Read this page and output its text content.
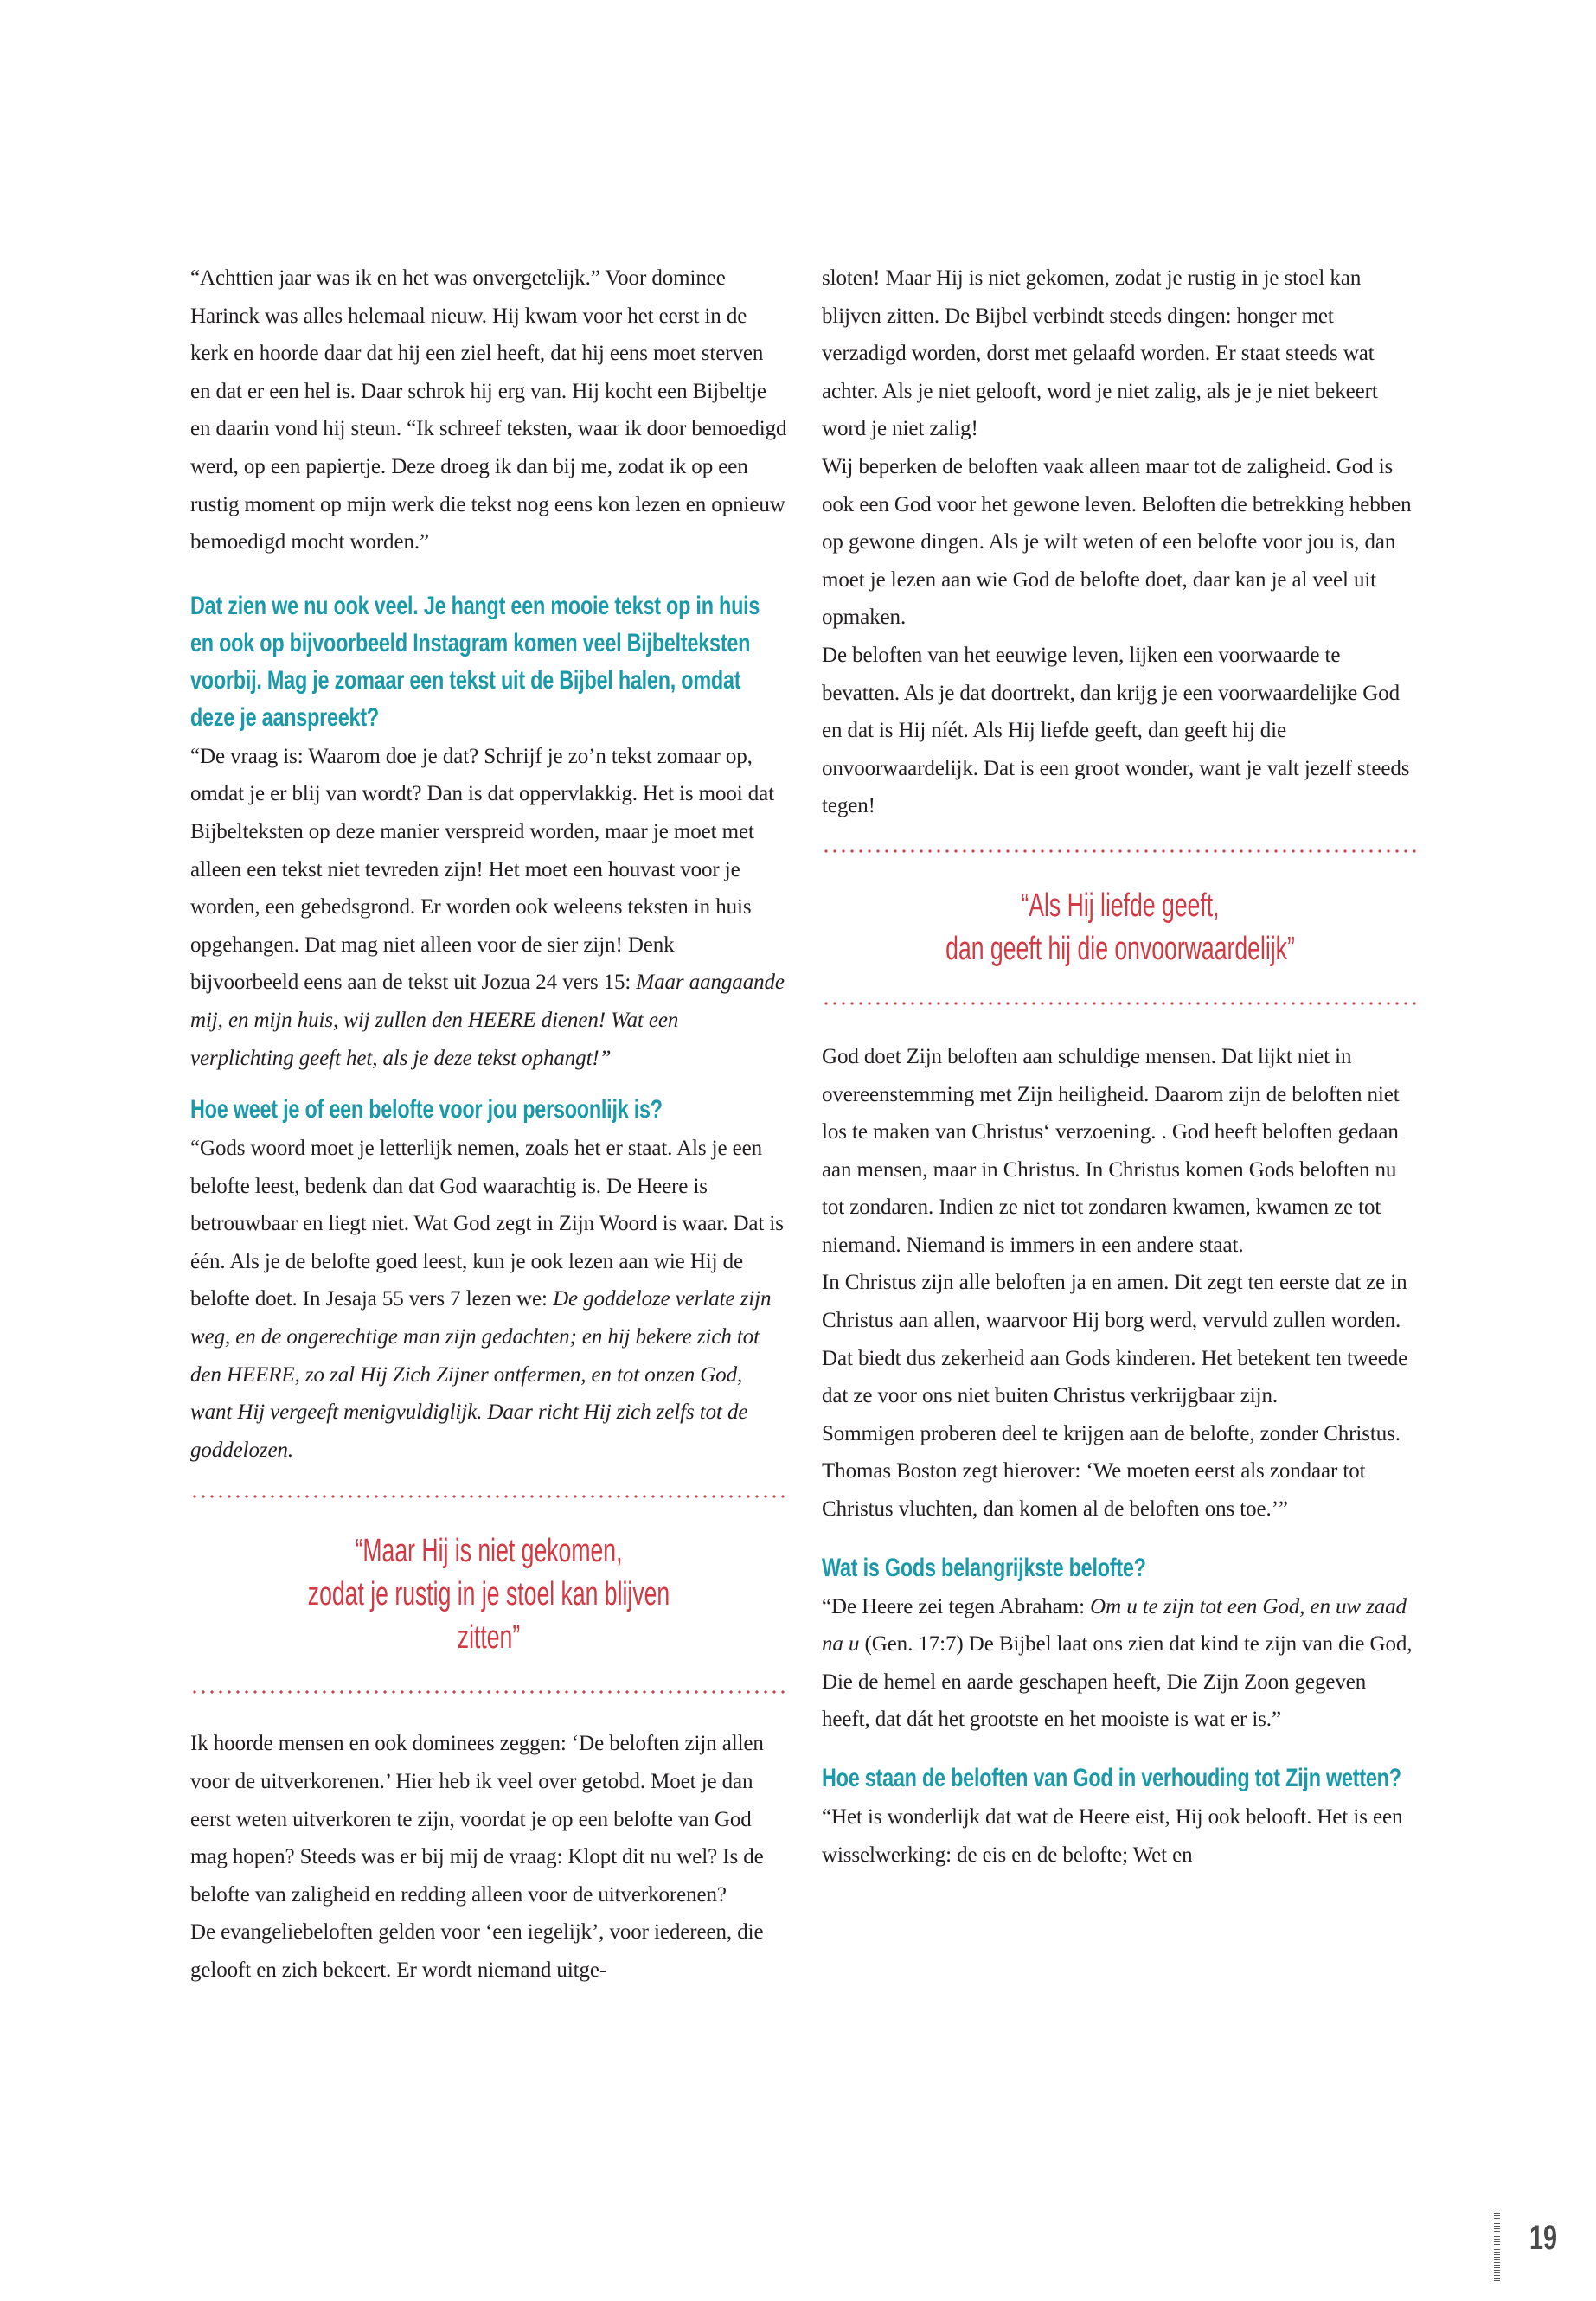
“Achttien jaar was ik en het was onvergetelijk.” Voor dominee Harinck was alles helemaal nieuw. Hij kwam voor het eerst in de kerk en hoorde daar dat hij een ziel heeft, dat hij eens moet sterven en dat er een hel is. Daar schrok hij erg van. Hij kocht een Bijbeltje en daarin vond hij steun. “Ik schreef teksten, waar ik door bemoedigd werd, op een papiertje. Deze droeg ik dan bij me, zodat ik op een rustig moment op mijn werk die tekst nog eens kon lezen en opnieuw bemoedigd mocht worden.”

Dat zien we nu ook veel. Je hangt een mooie tekst op in huis en ook op bijvoorbeeld Instagram komen veel Bijbelteksten voorbij. Mag je zomaar een tekst uit de Bijbel halen, omdat deze je aanspreekt?

“De vraag is: Waarom doe je dat? Schrijf je zo’n tekst zomaar op, omdat je er blij van wordt? Dan is dat oppervlakkig. Het is mooi dat Bijbelteksten op deze manier verspreid worden, maar je moet met alleen een tekst niet tevreden zijn! Het moet een houvast voor je worden, een gebedsgrond. Er worden ook weleens teksten in huis opgehangen. Dat mag niet alleen voor de sier zijn! Denk bijvoorbeeld eens aan de tekst uit Jozua 24 vers 15: Maar aangaande mij, en mijn huis, wij zullen den HEERE dienen! Wat een verplichting geeft het, als je deze tekst ophangt!”

Hoe weet je of een belofte voor jou persoonlijk is?

“Gods woord moet je letterlijk nemen, zoals het er staat. Als je een belofte leest, bedenk dan dat God waarachtig is. De Heere is betrouwbaar en liegt niet. Wat God zegt in Zijn Woord is waar. Dat is één. Als je de belofte goed leest, kun je ook lezen aan wie Hij de belofte doet. In Jesaja 55 vers 7 lezen we: De goddeloze verlate zijn weg, en de ongerechtige man zijn gedachten; en hij bekere zich tot den HEERE, zo zal Hij Zich Zijner ontfermen, en tot onzen God, want Hij vergeeft menigvuldiglijk. Daar richt Hij zich zelfs tot de goddelozen.

“Maar Hij is niet gekomen,

zodat je rustig in je stoel kan blijven zitten”

Ik hoorde mensen en ook dominees zeggen: ‘De beloften zijn allen voor de uitverkorenen.’ Hier heb ik veel over getobd. Moet je dan eerst weten uitverkoren te zijn, voordat je op een belofte van God mag hopen? Steeds was er bij mij de vraag: Klopt dit nu wel? Is de belofte van zaligheid en redding alleen voor de uitverkorenen?

De evangeliebeloften gelden voor ‘een iegelijk’, voor iedereen, die gelooft en zich bekeert. Er wordt niemand uitge-

sloten! Maar Hij is niet gekomen, zodat je rustig in je stoel kan blijven zitten. De Bijbel verbindt steeds dingen: honger met verzadigd worden, dorst met gelaafd worden. Er staat steeds wat achter. Als je niet gelooft, word je niet zalig, als je je niet bekeert word je niet zalig!

Wij beperken de beloften vaak alleen maar tot de zaligheid. God is ook een God voor het gewone leven. Beloften die betrekking hebben op gewone dingen. Als je wilt weten of een belofte voor jou is, dan moet je lezen aan wie God de belofte doet, daar kan je al veel uit opmaken.

De beloften van het eeuwige leven, lijken een voorwaarde te bevatten. Als je dat doortrekt, dan krijg je een voorwaardelijke God en dat is Hij níét. Als Hij liefde geeft, dan geeft hij die onvoorwaardelijk. Dat is een groot wonder, want je valt jezelf steeds tegen!

“Als Hij liefde geeft,

dan geeft hij die onvoorwaardelijk”

God doet Zijn beloften aan schuldige mensen. Dat lijkt niet in overeenstemming met Zijn heiligheid. Daarom zijn de beloften niet los te maken van Christus‘ verzoening. . God heeft beloften gedaan aan mensen, maar in Christus. In Christus komen Gods beloften nu tot zondaren. Indien ze niet tot zondaren kwamen, kwamen ze tot niemand. Niemand is immers in een andere staat.

In Christus zijn alle beloften ja en amen. Dit zegt ten eerste dat ze in Christus aan allen, waarvoor Hij borg werd, vervuld zullen worden. Dat biedt dus zekerheid aan Gods kinderen. Het betekent ten tweede dat ze voor ons niet buiten Christus verkrijgbaar zijn.

Sommigen proberen deel te krijgen aan de belofte, zonder Christus. Thomas Boston zegt hierover: ‘We moeten eerst als zondaar tot Christus vluchten, dan komen al de beloften ons toe.’”

Wat is Gods belangrijkste belofte?

“De Heere zei tegen Abraham: Om u te zijn tot een God, en uw zaad na u (Gen. 17:7) De Bijbel laat ons zien dat kind te zijn van die God, Die de hemel en aarde geschapen heeft, Die Zijn Zoon gegeven heeft, dat dát het grootste en het mooiste is wat er is.”

Hoe staan de beloften van God in verhouding tot Zijn wetten?

“Het is wonderlijk dat wat de Heere eist, Hij ook belooft. Het is een wisselwerking: de eis en de belofte; Wet en

19
